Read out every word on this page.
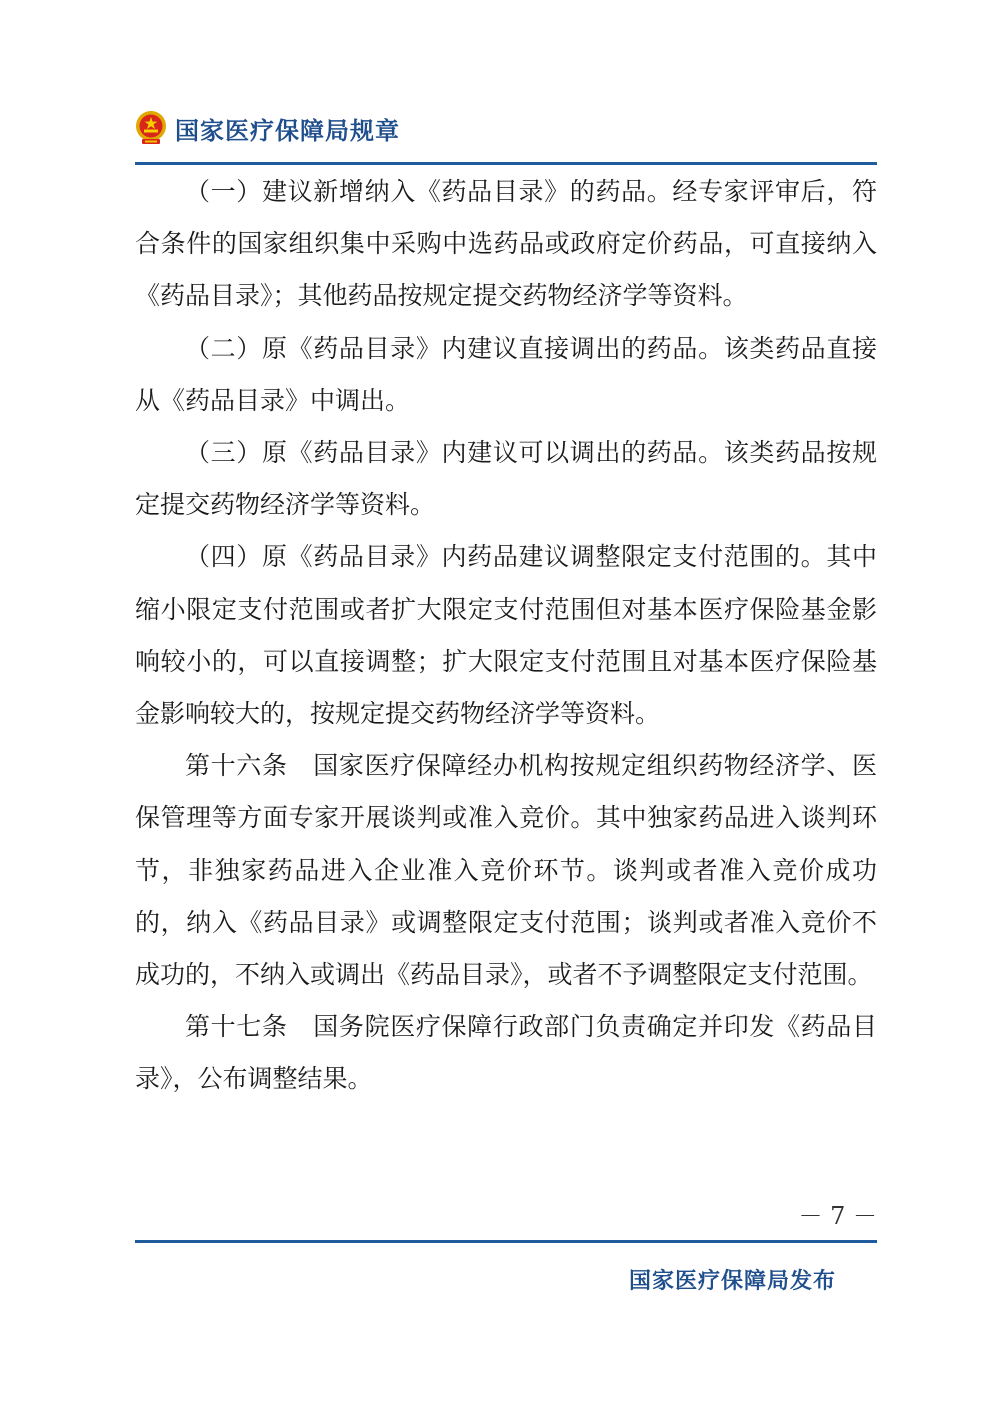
国家医疗保障局规章

（一）建议新增纳入《药品目录》的药品。经专家评审后，符合条件的国家组织集中采购中选药品或政府定价药品，可直接纳入《药品目录》；其他药品按规定提交药物经济学等资料。

（二）原《药品目录》内建议直接调出的药品。该类药品直接从《药品目录》中调出。

（三）原《药品目录》内建议可以调出的药品。该类药品按规定提交药物经济学等资料。

（四）原《药品目录》内药品建议调整限定支付范围的。其中缩小限定支付范围或者扩大限定支付范围但对基本医疗保险基金影响较小的，可以直接调整；扩大限定支付范围且对基本医疗保险基金影响较大的，按规定提交药物经济学等资料。

第十六条　国家医疗保障经办机构按规定组织药物经济学、医保管理等方面专家开展谈判或准入竞价。其中独家药品进入谈判环节，非独家药品进入企业准入竞价环节。谈判或者准入竞价成功的，纳入《药品目录》或调整限定支付范围；谈判或者准入竞价不成功的，不纳入或调出《药品目录》，或者不予调整限定支付范围。

第十七条　国务院医疗保障行政部门负责确定并印发《药品目录》，公布调整结果。

－ 7 －
国家医疗保障局发布
